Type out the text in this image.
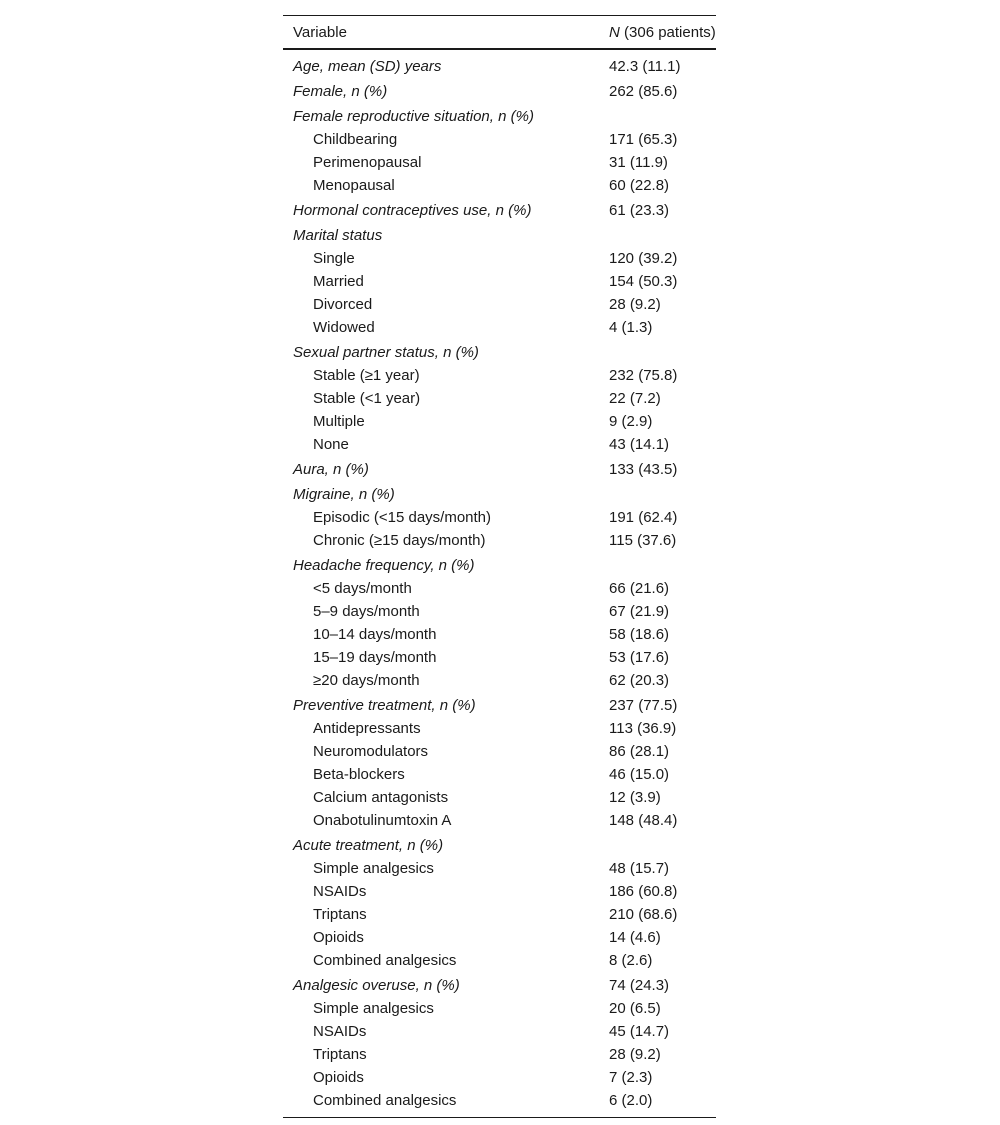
Variable	N (306 patients)
Age, mean (SD) years	42.3 (11.1)
Female, n (%)	262 (85.6)
Female reproductive situation, n (%)	
Childbearing	171 (65.3)
Perimenopausal	31 (11.9)
Menopausal	60 (22.8)
Hormonal contraceptives use, n (%)	61 (23.3)
Marital status	
Single	120 (39.2)
Married	154 (50.3)
Divorced	28 (9.2)
Widowed	4 (1.3)
Sexual partner status, n (%)	
Stable (≥1 year)	232 (75.8)
Stable (<1 year)	22 (7.2)
Multiple	9 (2.9)
None	43 (14.1)
Aura, n (%)	133 (43.5)
Migraine, n (%)	
Episodic (<15 days/month)	191 (62.4)
Chronic (≥15 days/month)	115 (37.6)
Headache frequency, n (%)	
<5 days/month	66 (21.6)
5–9 days/month	67 (21.9)
10–14 days/month	58 (18.6)
15–19 days/month	53 (17.6)
≥20 days/month	62 (20.3)
Preventive treatment, n (%)	237 (77.5)
Antidepressants	113 (36.9)
Neuromodulators	86 (28.1)
Beta-blockers	46 (15.0)
Calcium antagonists	12 (3.9)
Onabotulinumtoxin A	148 (48.4)
Acute treatment, n (%)	
Simple analgesics	48 (15.7)
NSAIDs	186 (60.8)
Triptans	210 (68.6)
Opioids	14 (4.6)
Combined analgesics	8 (2.6)
Analgesic overuse, n (%)	74 (24.3)
Simple analgesics	20 (6.5)
NSAIDs	45 (14.7)
Triptans	28 (9.2)
Opioids	7 (2.3)
Combined analgesics	6 (2.0)
